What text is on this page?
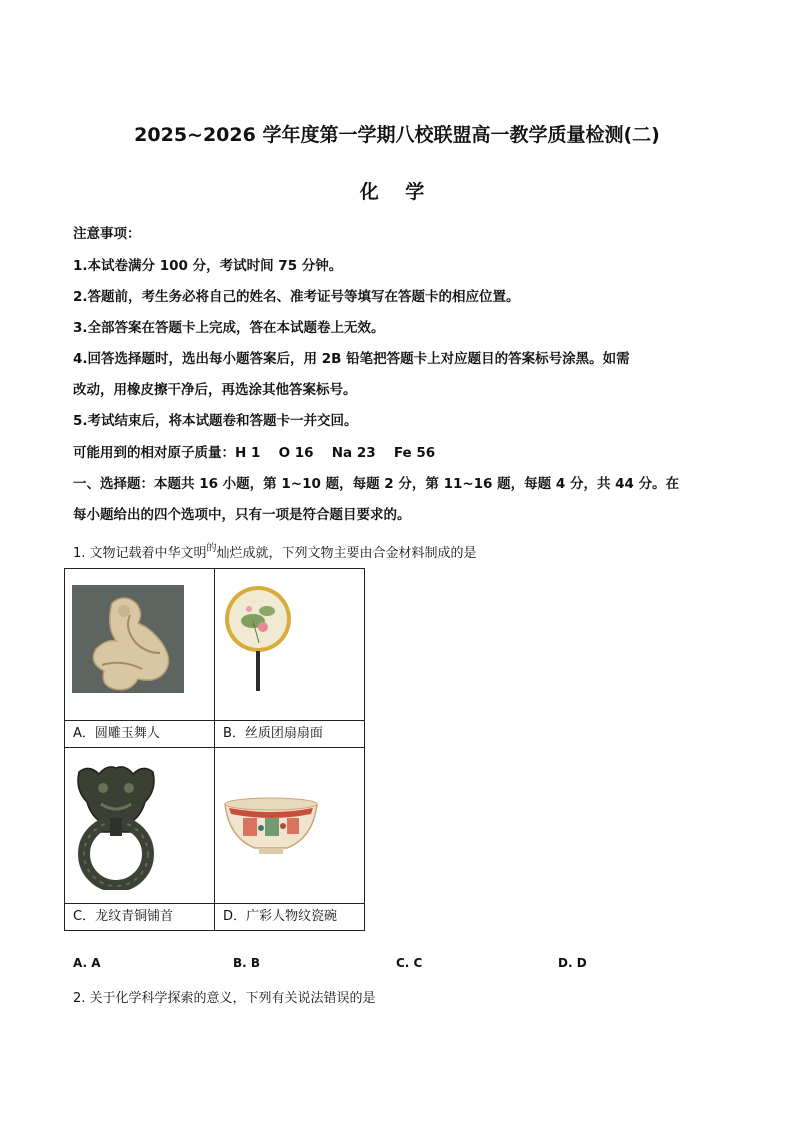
2025~2026 学年度第一学期八校联盟高一教学质量检测(二)
化 学
注意事项：
1.本试卷满分 100 分，考试时间 75 分钟。
2.答题前，考生务必将自己的姓名、准考证号等填写在答题卡的相应位置。
3.全部答案在答题卡上完成，答在本试题卷上无效。
4.回答选择题时，选出每小题答案后，用 2B 铅笔把答题卡上对应题目的答案标号涂黑。如需
改动，用橡皮擦干净后，再选涂其他答案标号。
5.考试结束后，将本试题卷和答题卡一并交回。
可能用到的相对原子质量：H 1　 O 16　 Na 23　 Fe 56
一、选择题：本题共 16 小题，第 1~10 题，每题 2 分，第 11~16 题，每题 4 分，共 44 分。在
每小题给出的四个选项中，只有一项是符合题目要求的。
1. 文物记载着中华文明$^的$灿烂成就，下列文物主要由合金材料制成的是

A．圆雕玉舞人	B．丝质团扇扇面

C．龙纹青铜铺首	D．广彩人物纹瓷碗
A. A	B. B	C. C	D. D
2. 关于化学科学探索的意义，下列有关说法错误的是
